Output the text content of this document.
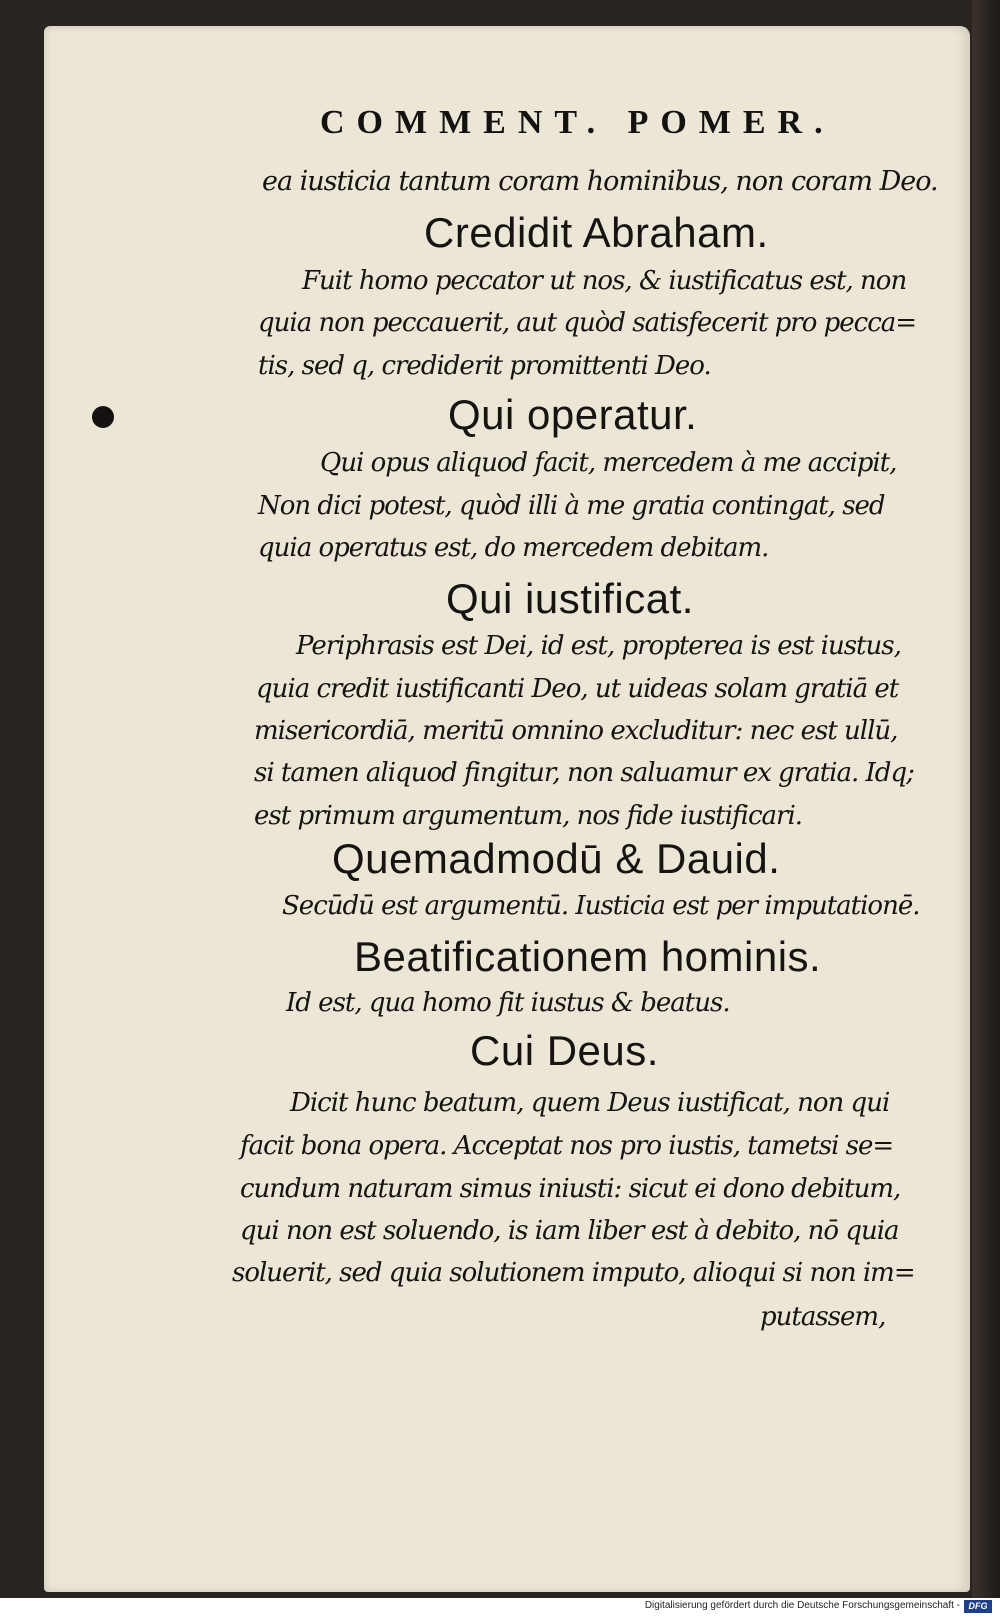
COMMENT. POMER.
ea iusticia tantum coram hominibus, non coram Deo.
Credidit Abraham.
Fuit homo peccator ut nos, & iustificatus est, non
quia non peccauerit, aut quòd satisfecerit pro pecca=
tis, sed q, crediderit promittenti Deo.
Qui operatur.
Qui opus aliquod facit, mercedem à me accipit,
Non dici potest, quòd illi à me gratia contingat, sed
quia operatus est, do mercedem debitam.
Qui iustificat.
Periphrasis est Dei, id est, propterea is est iustus,
quia credit iustificanti Deo, ut uideas solam gratiā et
misericordiā, meritū omnino excluditur: nec est ullū,
si tamen aliquod fingitur, non saluamur ex gratia. Idq;
est primum argumentum, nos fide iustificari.
Quemadmodū & Dauid.
Secūdū est argumentū. Iusticia est per imputationē.
Beatificationem hominis.
Id est, qua homo fit iustus & beatus.
Cui Deus.
Dicit hunc beatum, quem Deus iustificat, non qui
facit bona opera. Acceptat nos pro iustis, tametsi se=
cundum naturam simus iniusti: sicut ei dono debitum,
qui non est soluendo, is iam liber est à debito, nō quia
soluerit, sed quia solutionem imputo, alioqui si non im=
putassem,
Digitalisierung gefördert durch die Deutsche Forschungsgemeinschaft - DFG
